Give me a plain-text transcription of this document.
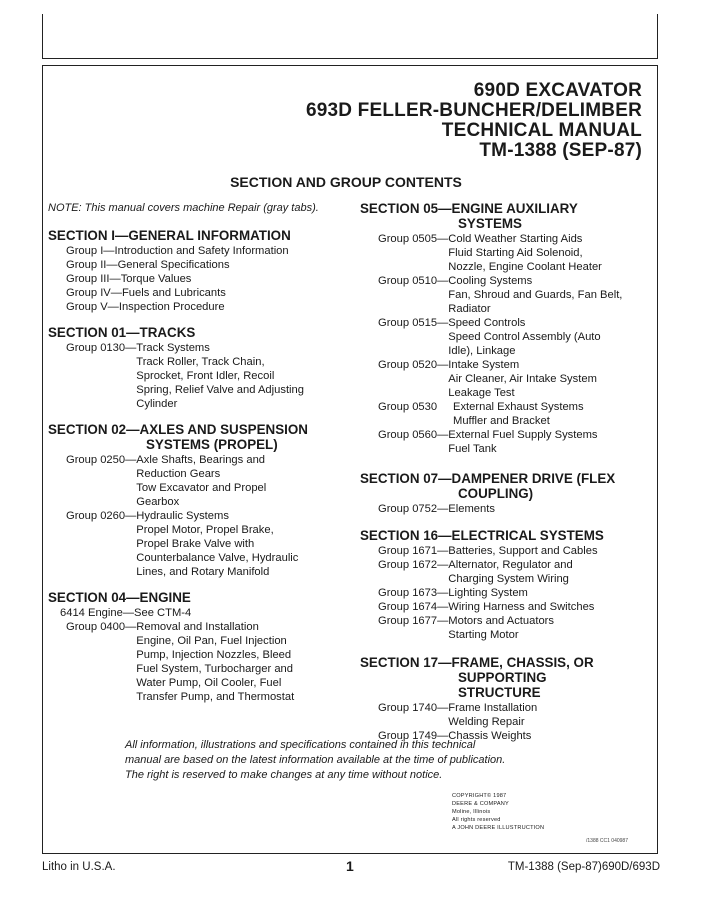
690D EXCAVATOR
693D FELLER-BUNCHER/DELIMBER
TECHNICAL MANUAL
TM-1388 (SEP-87)
SECTION AND GROUP CONTENTS
NOTE: This manual covers machine Repair (gray tabs).
SECTION I—GENERAL INFORMATION
Group I—Introduction and Safety Information
Group II—General Specifications
Group III—Torque Values
Group IV—Fuels and Lubricants
Group V—Inspection Procedure
SECTION 01—TRACKS
Group 0130— Track Systems
Track Roller, Track Chain,
Sprocket, Front Idler, Recoil
Spring, Relief Valve and Adjusting
Cylinder
SECTION 02—AXLES AND SUSPENSION
SYSTEMS (PROPEL)
Group 0250— Axle Shafts, Bearings and
Reduction Gears
Tow Excavator and Propel
Gearbox
Group 0260— Hydraulic Systems
Propel Motor, Propel Brake,
Propel Brake Valve with
Counterbalance Valve, Hydraulic
Lines, and Rotary Manifold
SECTION 04—ENGINE
6414 Engine—See CTM-4
Group 0400— Removal and Installation
Engine, Oil Pan, Fuel Injection
Pump, Injection Nozzles, Bleed
Fuel System, Turbocharger and
Water Pump, Oil Cooler, Fuel
Transfer Pump, and Thermostat
SECTION 05—ENGINE AUXILIARY
SYSTEMS
Group 0505— Cold Weather Starting Aids
Fluid Starting Aid Solenoid,
Nozzle, Engine Coolant Heater
Group 0510— Cooling Systems
Fan, Shroud and Guards, Fan Belt,
Radiator
Group 0515— Speed Controls
Speed Control Assembly (Auto
Idle), Linkage
Group 0520— Intake System
Air Cleaner, Air Intake System
Leakage Test
Group 0530	External Exhaust Systems
Muffler and Bracket
Group 0560— External Fuel Supply Systems
Fuel Tank
SECTION 07—DAMPENER DRIVE (FLEX
COUPLING)
Group 0752—Elements
SECTION 16—ELECTRICAL SYSTEMS
Group 1671—Batteries, Support and Cables
Group 1672— Alternator, Regulator and
Charging System Wiring
Group 1673—Lighting System
Group 1674—Wiring Harness and Switches
Group 1677— Motors and Actuators
Starting Motor
SECTION 17—FRAME, CHASSIS, OR
SUPPORTING
STRUCTURE
Group 1740— Frame Installation
Welding Repair
Group 1749—Chassis Weights
All information, illustrations and specifications contained in this technical
manual are based on the latest information available at the time of publication.
The right is reserved to make changes at any time without notice.
COPYRIGHT© 1987
DEERE & COMPANY
Moline, Illinois
All rights reserved
A JOHN DEERE ILLUSTRUCTION
/1388 CC1 040987
Litho in U.S.A.	1	TM-1388 (Sep-87)690D/693D
